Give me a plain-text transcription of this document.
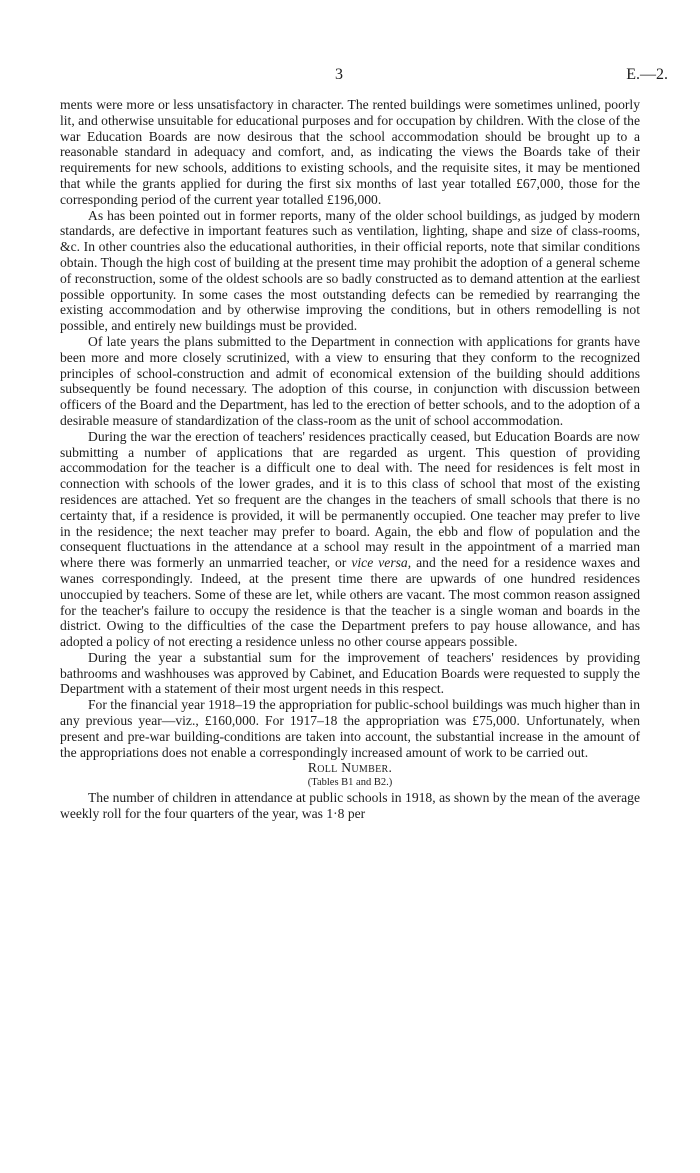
3	E.—2.

ments were more or less unsatisfactory in character. The rented buildings were sometimes unlined, poorly lit, and otherwise unsuitable for educational purposes and for occupation by children. With the close of the war Education Boards are now desirous that the school accommodation should be brought up to a reasonable standard in adequacy and comfort, and, as indicating the views the Boards take of their requirements for new schools, additions to existing schools, and the requisite sites, it may be mentioned that while the grants applied for during the first six months of last year totalled £67,000, those for the corresponding period of the current year totalled £196,000.

As has been pointed out in former reports, many of the older school buildings, as judged by modern standards, are defective in important features such as ventilation, lighting, shape and size of class-rooms, &c. In other countries also the educational authorities, in their official reports, note that similar conditions obtain. Though the high cost of building at the present time may prohibit the adoption of a general scheme of reconstruction, some of the oldest schools are so badly constructed as to demand attention at the earliest possible opportunity. In some cases the most outstanding defects can be remedied by rearranging the existing accommodation and by otherwise improving the conditions, but in others remodelling is not possible, and entirely new buildings must be provided.

Of late years the plans submitted to the Department in connection with applications for grants have been more and more closely scrutinized, with a view to ensuring that they conform to the recognized principles of school-construction and admit of economical extension of the building should additions subsequently be found necessary. The adoption of this course, in conjunction with discussion between officers of the Board and the Department, has led to the erection of better schools, and to the adoption of a desirable measure of standardization of the class-room as the unit of school accommodation.

During the war the erection of teachers' residences practically ceased, but Education Boards are now submitting a number of applications that are regarded as urgent. This question of providing accommodation for the teacher is a difficult one to deal with. The need for residences is felt most in connection with schools of the lower grades, and it is to this class of school that most of the existing residences are attached. Yet so frequent are the changes in the teachers of small schools that there is no certainty that, if a residence is provided, it will be permanently occupied. One teacher may prefer to live in the residence; the next teacher may prefer to board. Again, the ebb and flow of population and the consequent fluctuations in the attendance at a school may result in the appointment of a married man where there was formerly an unmarried teacher, or vice versa, and the need for a residence waxes and wanes correspondingly. Indeed, at the present time there are upwards of one hundred residences unoccupied by teachers. Some of these are let, while others are vacant. The most common reason assigned for the teacher's failure to occupy the residence is that the teacher is a single woman and boards in the district. Owing to the difficulties of the case the Department prefers to pay house allowance, and has adopted a policy of not erecting a residence unless no other course appears possible.

During the year a substantial sum for the improvement of teachers' residences by providing bathrooms and washhouses was approved by Cabinet, and Education Boards were requested to supply the Department with a statement of their most urgent needs in this respect.

For the financial year 1918–19 the appropriation for public-school buildings was much higher than in any previous year—viz., £160,000. For 1917–18 the appropriation was £75,000. Unfortunately, when present and pre-war building-conditions are taken into account, the substantial increase in the amount of the appropriations does not enable a correspondingly increased amount of work to be carried out.

Roll Number.

(Tables B1 and B2.)

The number of children in attendance at public schools in 1918, as shown by the mean of the average weekly roll for the four quarters of the year, was 1·8 per
